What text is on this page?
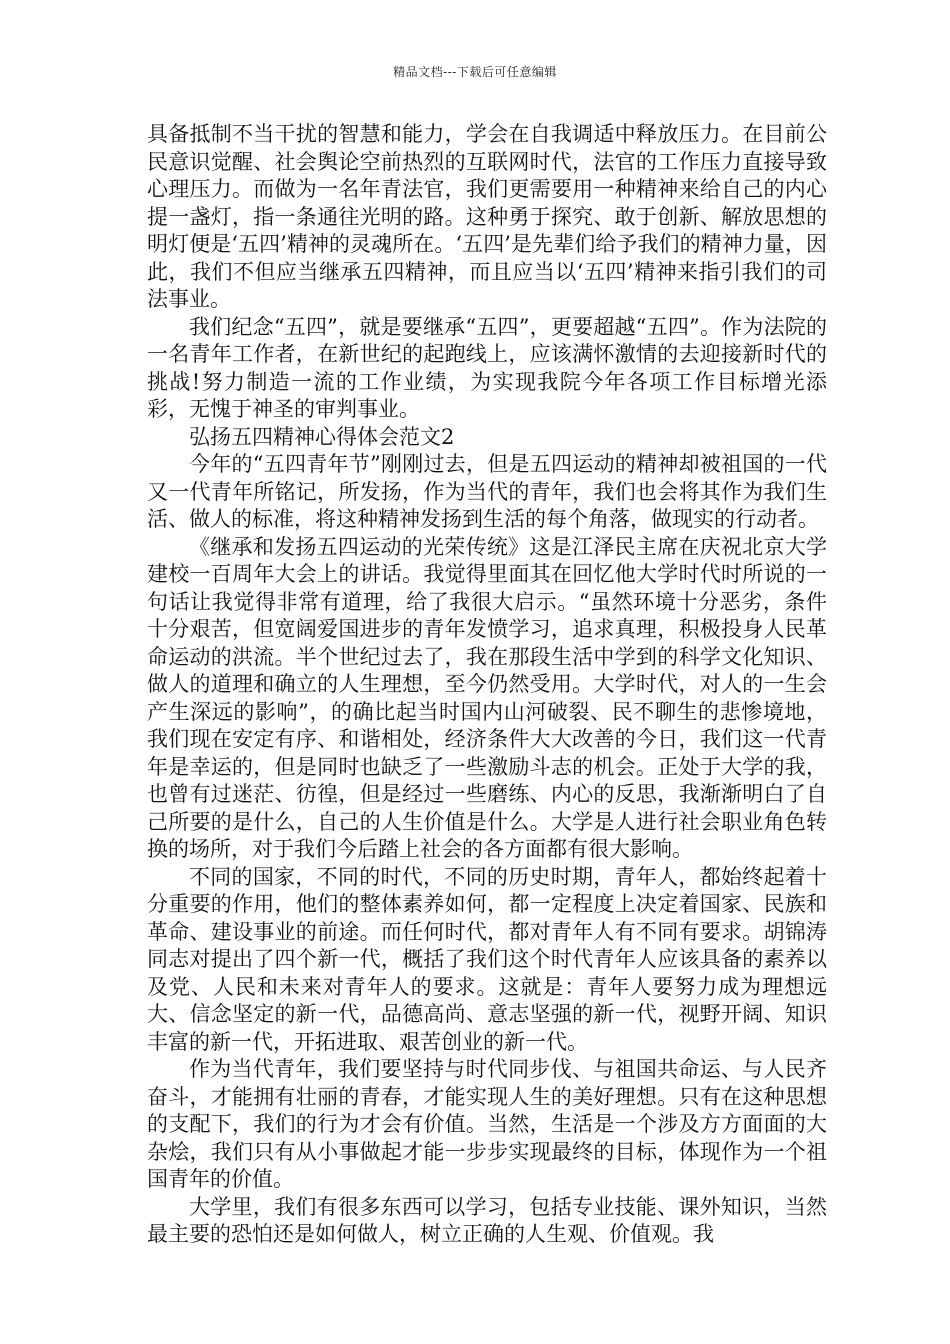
精品文档---下载后可任意编辑

具备抵制不当干扰的智慧和能力，学会在自我调适中释放压力。在目前公民意识觉醒、社会舆论空前热烈的互联网时代，法官的工作压力直接导致心理压力。而做为一名年青法官，我们更需要用一种精神来给自己的内心提一盏灯，指一条通往光明的路。这种勇于探究、敢于创新、解放思想的明灯便是‘五四’精神的灵魂所在。‘五四’是先辈们给予我们的精神力量，因此，我们不但应当继承五四精神，而且应当以‘五四’精神来指引我们的司法事业。

我们纪念“五四”，就是要继承“五四”，更要超越“五四”。作为法院的一名青年工作者，在新世纪的起跑线上，应该满怀激情的去迎接新时代的挑战!努力制造一流的工作业绩，为实现我院今年各项工作目标增光添彩，无愧于神圣的审判事业。

弘扬五四精神心得体会范文2

今年的“五四青年节”刚刚过去，但是五四运动的精神却被祖国的一代又一代青年所铭记，所发扬，作为当代的青年，我们也会将其作为我们生活、做人的标准，将这种精神发扬到生活的每个角落，做现实的行动者。

《继承和发扬五四运动的光荣传统》这是江泽民主席在庆祝北京大学建校一百周年大会上的讲话。我觉得里面其在回忆他大学时代时所说的一句话让我觉得非常有道理，给了我很大启示。“虽然环境十分恶劣，条件十分艰苦，但宽阔爱国进步的青年发愤学习，追求真理，积极投身人民革命运动的洪流。半个世纪过去了，我在那段生活中学到的科学文化知识、做人的道理和确立的人生理想，至今仍然受用。大学时代，对人的一生会产生深远的影响”，的确比起当时国内山河破裂、民不聊生的悲惨境地，我们现在安定有序、和谐相处，经济条件大大改善的今日，我们这一代青年是幸运的，但是同时也缺乏了一些激励斗志的机会。正处于大学的我，也曾有过迷茫、彷徨，但是经过一些磨练、内心的反思，我渐渐明白了自己所要的是什么，自己的人生价值是什么。大学是人进行社会职业角色转换的场所，对于我们今后踏上社会的各方面都有很大影响。

不同的国家，不同的时代，不同的历史时期，青年人，都始终起着十分重要的作用，他们的整体素养如何，都一定程度上决定着国家、民族和革命、建设事业的前途。而任何时代，都对青年人有不同有要求。胡锦涛同志对提出了四个新一代，概括了我们这个时代青年人应该具备的素养以及党、人民和未来对青年人的要求。这就是：青年人要努力成为理想远大、信念坚定的新一代，品德高尚、意志坚强的新一代，视野开阔、知识丰富的新一代，开拓进取、艰苦创业的新一代。

作为当代青年，我们要坚持与时代同步伐、与祖国共命运、与人民齐奋斗，才能拥有壮丽的青春，才能实现人生的美好理想。只有在这种思想的支配下，我们的行为才会有价值。当然，生活是一个涉及方方面面的大杂烩，我们只有从小事做起才能一步步实现最终的目标，体现作为一个祖国青年的价值。

大学里，我们有很多东西可以学习，包括专业技能、课外知识，当然最主要的恐怕还是如何做人，树立正确的人生观、价值观。我
